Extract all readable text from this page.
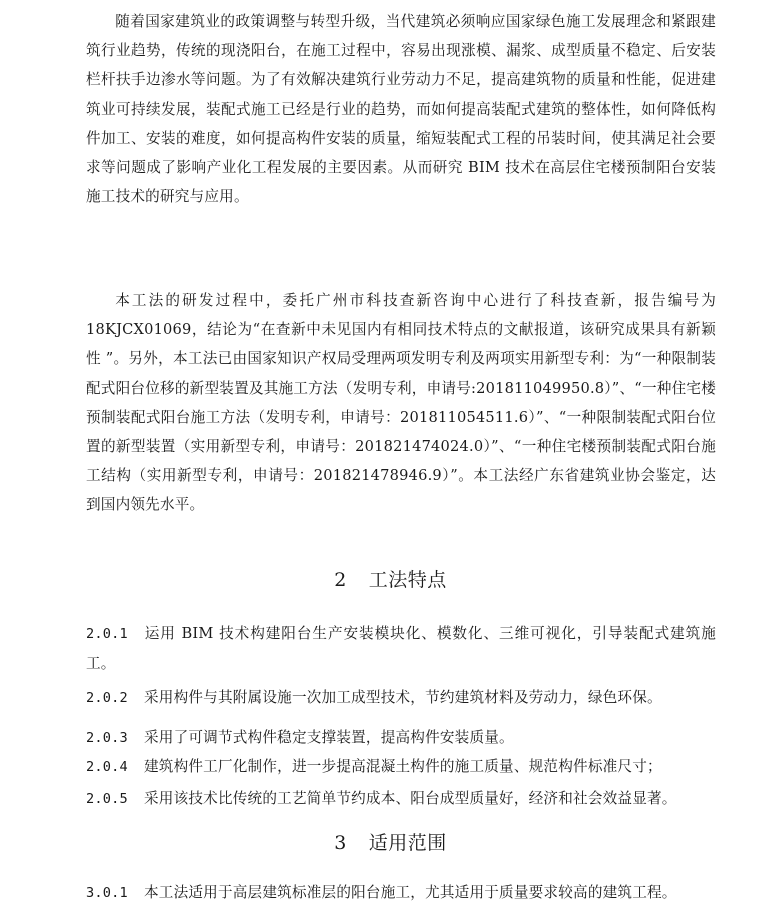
随着国家建筑业的政策调整与转型升级，当代建筑必须响应国家绿色施工发展理念和紧跟建筑行业趋势，传统的现浇阳台，在施工过程中，容易出现涨模、漏浆、成型质量不稳定、后安装栏杆扶手边渗水等问题。为了有效解决建筑行业劳动力不足，提高建筑物的质量和性能，促进建筑业可持续发展，装配式施工已经是行业的趋势，而如何提高装配式建筑的整体性，如何降低构件加工、安装的难度，如何提高构件安装的质量，缩短装配式工程的吊装时间，使其满足社会要求等问题成了影响产业化工程发展的主要因素。从而研究 BIM 技术在高层住宅楼预制阳台安装施工技术的研究与应用。

本工法的研发过程中，委托广州市科技查新咨询中心进行了科技查新，报告编号为18KJCX01069，结论为“在查新中未见国内有相同技术特点的文献报道，该研究成果具有新颖性 ”。另外，本工法已由国家知识产权局受理两项发明专利及两项实用新型专利：为“一种限制装配式阳台位移的新型装置及其施工方法（发明专利，申请号:201811049950.8）”、“一种住宅楼预制装配式阳台施工方法（发明专利，申请号：201811054511.6）”、“一种限制装配式阳台位置的新型装置（实用新型专利，申请号：201821474024.0）”、“一种住宅楼预制装配式阳台施工结构（实用新型专利，申请号：201821478946.9）”。本工法经广东省建筑业协会鉴定，达到国内领先水平。

2 工法特点

2.0.1 运用 BIM 技术构建阳台生产安装模块化、模数化、三维可视化，引导装配式建筑施工。

2.0.2 采用构件与其附属设施一次加工成型技术，节约建筑材料及劳动力，绿色环保。

2.0.3 采用了可调节式构件稳定支撑装置，提高构件安装质量。

2.0.4 建筑构件工厂化制作，进一步提高混凝土构件的施工质量、规范构件标准尺寸；

2.0.5 采用该技术比传统的工艺简单节约成本、阳台成型质量好，经济和社会效益显著。

3 适用范围

3.0.1 本工法适用于高层建筑标准层的阳台施工，尤其适用于质量要求较高的建筑工程。
